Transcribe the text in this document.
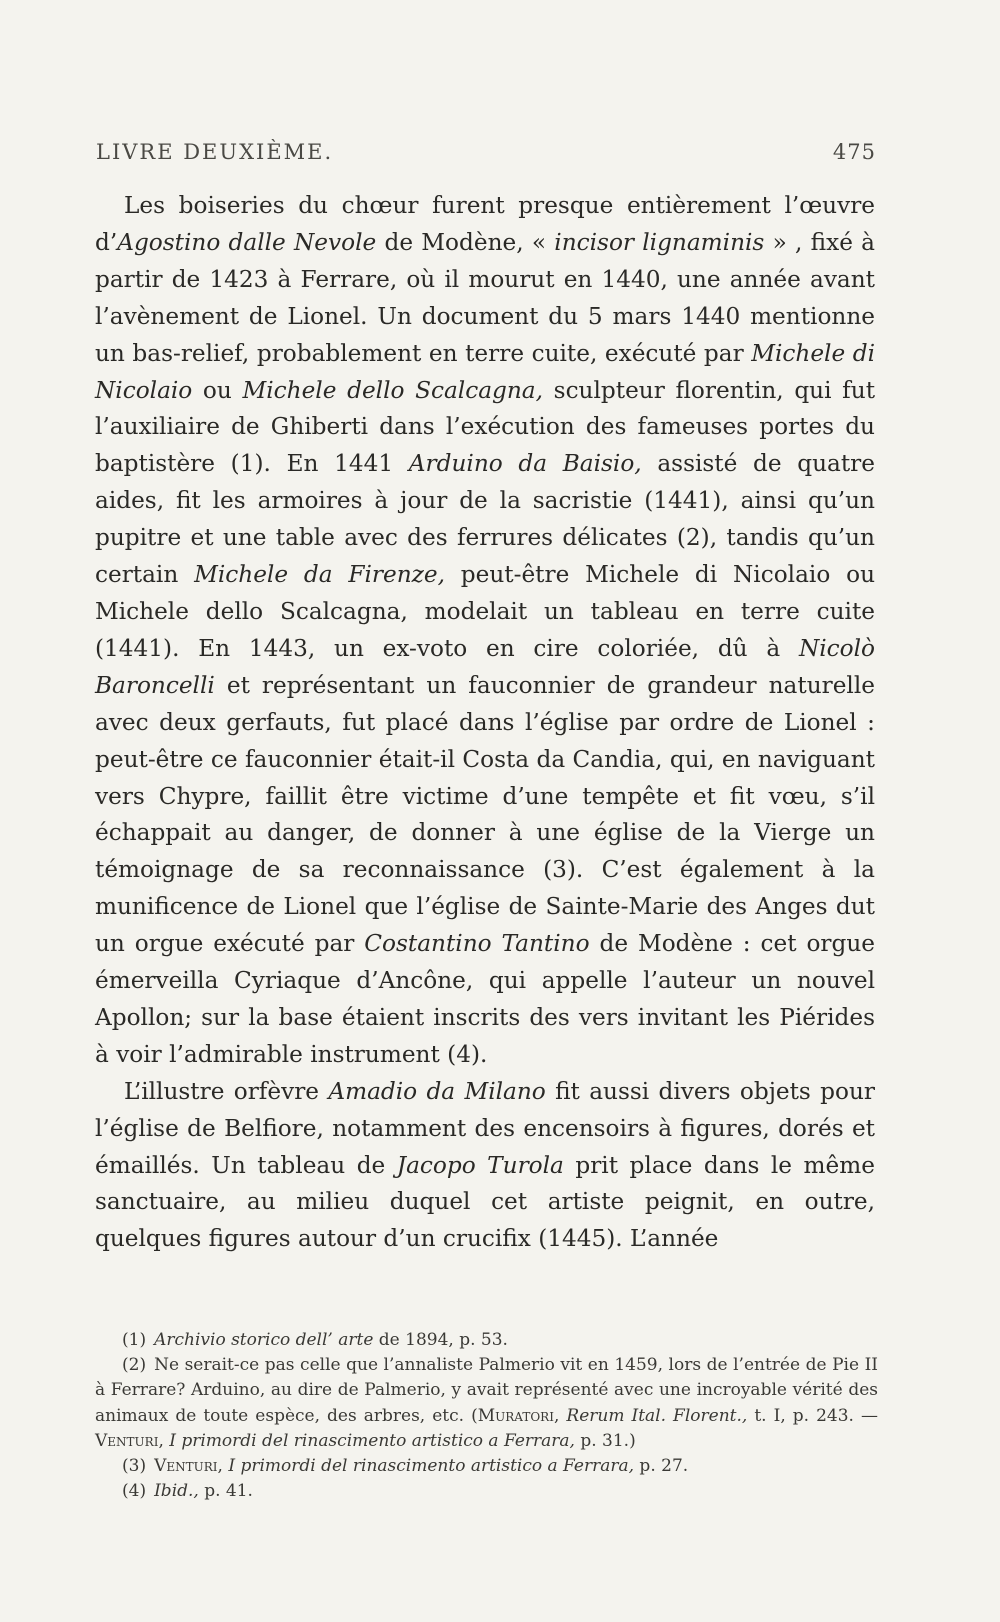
LIVRE DEUXIÈME.	475

Les boiseries du chœur furent presque entièrement l’œuvre d’Agostino dalle Nevole de Modène, « incisor lignaminis » , fixé à partir de 1423 à Ferrare, où il mourut en 1440, une année avant l’avènement de Lionel. Un document du 5 mars 1440 mentionne un bas-relief, probablement en terre cuite, exécuté par Michele di Nicolaio ou Michele dello Scalcagna, sculpteur florentin, qui fut l’auxiliaire de Ghiberti dans l’exécution des fameuses portes du baptistère (1). En 1441 Arduino da Baisio, assisté de quatre aides, fit les armoires à jour de la sacristie (1441), ainsi qu’un pupitre et une table avec des ferrures délicates (2), tandis qu’un certain Michele da Firenze, peut-être Michele di Nicolaio ou Michele dello Scalcagna, modelait un tableau en terre cuite (1441). En 1443, un ex-voto en cire coloriée, dû à Nicolò Baroncelli et représentant un fauconnier de grandeur naturelle avec deux gerfauts, fut placé dans l’église par ordre de Lionel : peut-être ce fauconnier était-il Costa da Candia, qui, en naviguant vers Chypre, faillit être victime d’une tempête et fit vœu, s’il échappait au danger, de donner à une église de la Vierge un témoignage de sa reconnaissance (3). C’est également à la munificence de Lionel que l’église de Sainte-Marie des Anges dut un orgue exécuté par Costantino Tantino de Modène : cet orgue émerveilla Cyriaque d’Ancône, qui appelle l’auteur un nouvel Apollon; sur la base étaient inscrits des vers invitant les Piérides à voir l’admirable instrument (4).

L’illustre orfèvre Amadio da Milano fit aussi divers objets pour l’église de Belfiore, notamment des encensoirs à figures, dorés et émaillés. Un tableau de Jacopo Turola prit place dans le même sanctuaire, au milieu duquel cet artiste peignit, en outre, quelques figures autour d’un crucifix (1445). L’année

(1) Archivio storico dell’ arte de 1894, p. 53.

(2) Ne serait-ce pas celle que l’annaliste Palmerio vit en 1459, lors de l’entrée de Pie II à Ferrare? Arduino, au dire de Palmerio, y avait représenté avec une incroyable vérité des animaux de toute espèce, des arbres, etc. (Muratori, Rerum Ital. Florent., t. I, p. 243. — Venturi, I primordi del rinascimento artistico a Ferrara, p. 31.)

(3) Venturi, I primordi del rinascimento artistico a Ferrara, p. 27.

(4) Ibid., p. 41.
